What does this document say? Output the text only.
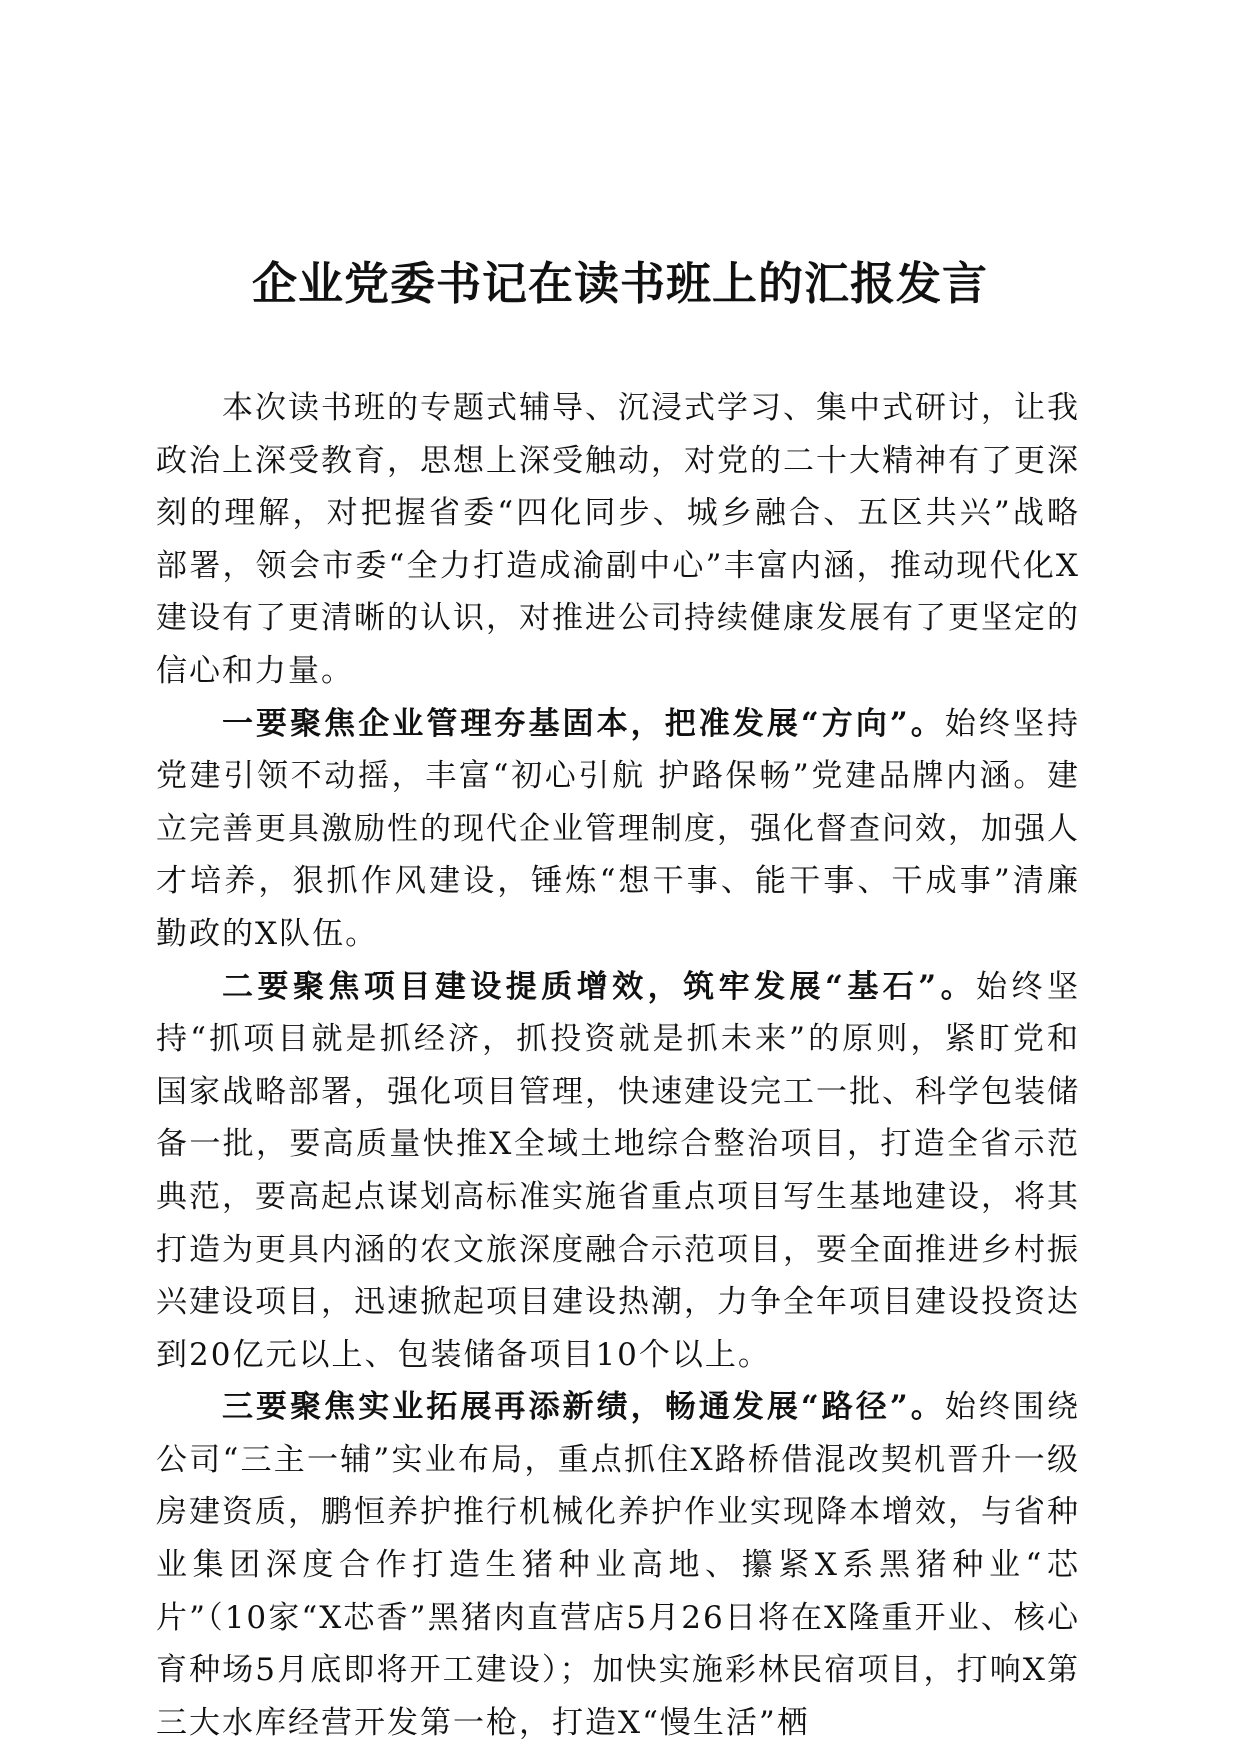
企业党委书记在读书班上的汇报发言

本次读书班的专题式辅导、沉浸式学习、集中式研讨，让我政治上深受教育，思想上深受触动，对党的二十大精神有了更深刻的理解，对把握省委“四化同步、城乡融合、五区共兴”战略部署，领会市委“全力打造成渝副中心”丰富内涵，推动现代化X建设有了更清晰的认识，对推进公司持续健康发展有了更坚定的信心和力量。

一要聚焦企业管理夯基固本，把准发展“方向”。始终坚持党建引领不动摇，丰富“初心引航 护路保畅”党建品牌内涵。建立完善更具激励性的现代企业管理制度，强化督查问效，加强人才培养，狠抓作风建设，锤炼“想干事、能干事、干成事”清廉勤政的X队伍。

二要聚焦项目建设提质增效，筑牢发展“基石”。始终坚持“抓项目就是抓经济，抓投资就是抓未来”的原则，紧盯党和国家战略部署，强化项目管理，快速建设完工一批、科学包装储备一批，要高质量快推X全域土地综合整治项目，打造全省示范典范，要高起点谋划高标准实施省重点项目写生基地建设，将其打造为更具内涵的农文旅深度融合示范项目，要全面推进乡村振兴建设项目，迅速掀起项目建设热潮，力争全年项目建设投资达到20亿元以上、包装储备项目10个以上。

三要聚焦实业拓展再添新绩，畅通发展“路径”。始终围绕公司“三主一辅”实业布局，重点抓住X路桥借混改契机晋升一级房建资质，鹏恒养护推行机械化养护作业实现降本增效，与省种业集团深度合作打造生猪种业高地、攥紧X系黑猪种业“芯片”（10家“X芯香”黑猪肉直营店5月26日将在X隆重开业、核心育种场5月底即将开工建设）；加快实施彩林民宿项目，打响X第三大水库经营开发第一枪，打造X“慢生活”栖
